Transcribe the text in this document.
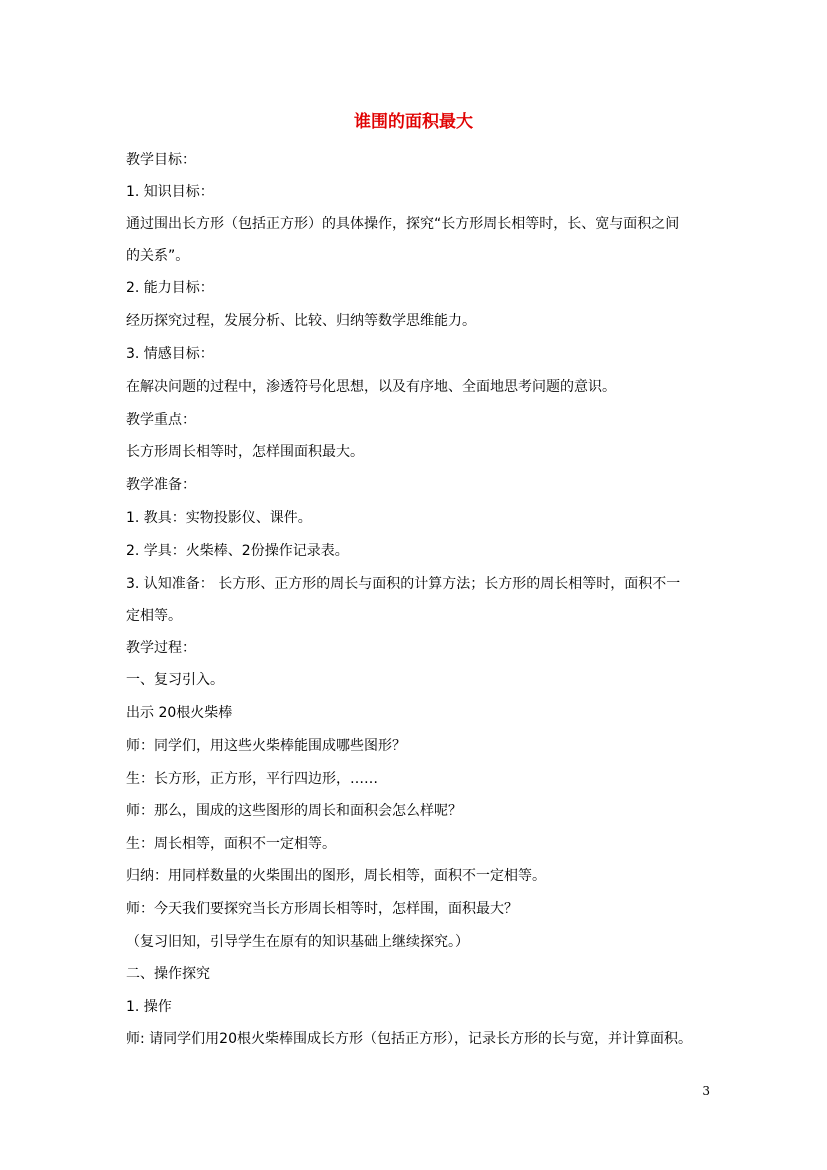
谁围的面积最大
教学目标：
1. 知识目标：
通过围出长方形（包括正方形）的具体操作，探究“长方形周长相等时，长、宽与面积之间
的关系”。
2. 能力目标：
经历探究过程，发展分析、比较、归纳等数学思维能力。
3. 情感目标：
在解决问题的过程中，渗透符号化思想，以及有序地、全面地思考问题的意识。
教学重点：
长方形周长相等时，怎样围面积最大。
教学准备：
1. 教具：实物投影仪、课件。
2. 学具：火柴棒、2份操作记录表。
3. 认知准备： 长方形、正方形的周长与面积的计算方法；长方形的周长相等时，面积不一
定相等。
教学过程：
一、复习引入。
出示 20根火柴棒
师：同学们，用这些火柴棒能围成哪些图形？
生：长方形，正方形，平行四边形，……
师：那么，围成的这些图形的周长和面积会怎么样呢？
生：周长相等，面积不一定相等。
归纳：用同样数量的火柴围出的图形，周长相等，面积不一定相等。
师：今天我们要探究当长方形周长相等时，怎样围，面积最大？
（复习旧知，引导学生在原有的知识基础上继续探究。）
二、操作探究
1. 操作
师: 请同学们用20根火柴棒围成长方形（包括正方形），记录长方形的长与宽，并计算面积。
3
